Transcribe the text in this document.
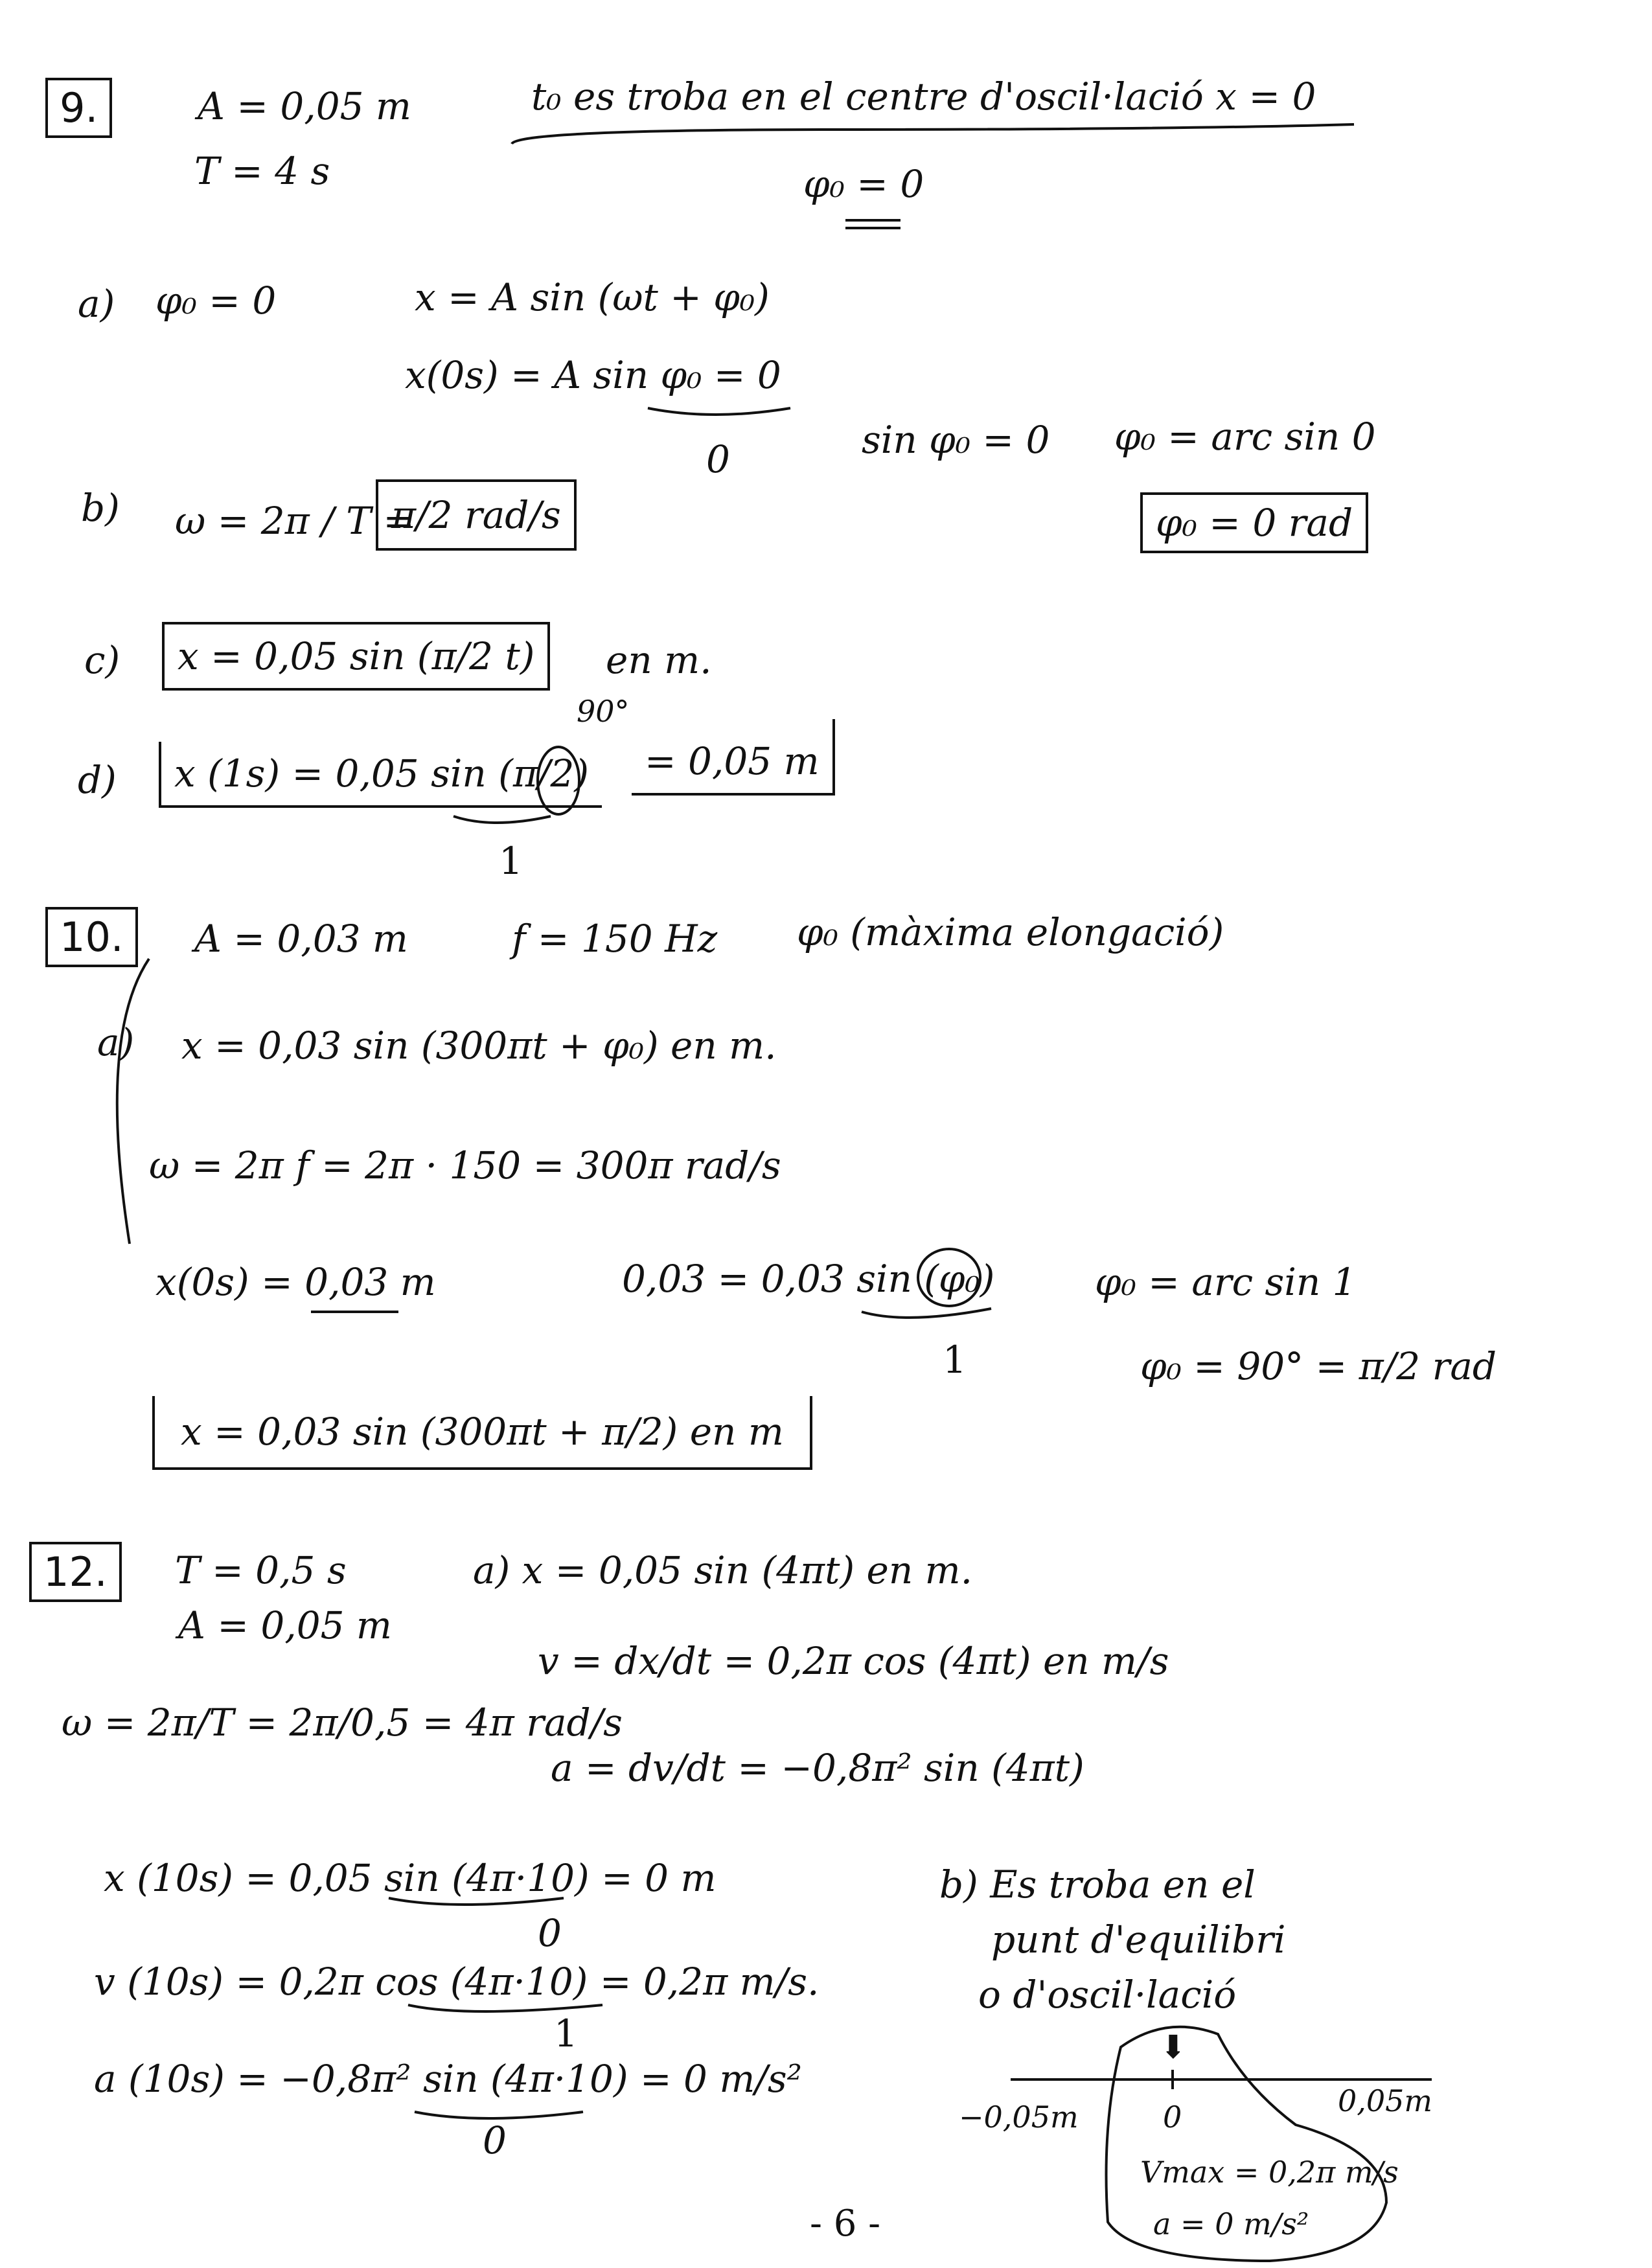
9.	A = 0,05 m
T = 4 s
t₀ es troba en el centre d'oscil·lació x = 0
φ₀ = 0
a) φ₀ = 0	x = A sin (ωt + φ₀)
x(0s) = A sin φ₀ = 0
0	sin φ₀ = 0 φ₀ = arc sin 0
φ₀ = 0 rad
b) ω = 2π / T =
π/2 rad/s
c)	x = 0,05 sin (π/2 t)	en m.
90°
d)	x (1s) = 0,05 sin (π/2)
1
= 0,05 m
10.	A = 0,03 m	f = 150 Hz φ₀ (màxima elongació)
a) x = 0,03 sin (300πt + φ₀) en m.
ω = 2π f = 2π · 150 = 300π rad/s
x(0s) = 0,03 m	0,03 = 0,03 sin (φ₀)
1
φ₀ = arc sin 1
φ₀ = 90° = π/2 rad
x = 0,03 sin (300πt + π/2) en m
12.	T = 0,5 s
A = 0,05 m
ω = 2π/T = 2π/0,5 = 4π rad/s
a) x = 0,05 sin (4πt) en m.
v = dx/dt = 0,2π cos (4πt) en m/s
a = dv/dt = −0,8π² sin (4πt)
x (10s) = 0,05 sin (4π·10) = 0 m
0
v (10s) = 0,2π cos (4π·10) = 0,2π m/s.
1
a (10s) = −0,8π² sin (4π·10) = 0 m/s²
0
b) Es troba en el
punt d'equilibri
o d'oscil·lació
⬇
−0,05m	0	0,05m
Vmax = 0,2π m/s
a = 0 m/s²
- 6 -
